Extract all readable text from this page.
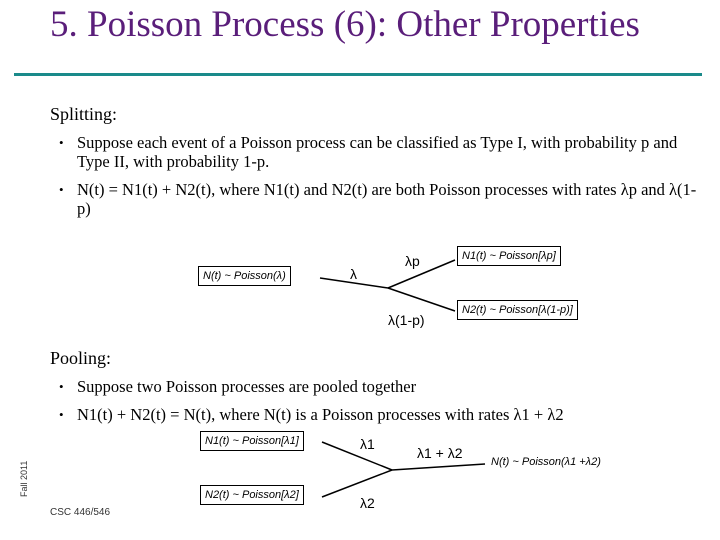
5. Poisson Process (6): Other Properties
Splitting:
• Suppose each event of a Poisson process can be classified as Type I, with probability p and Type II, with probability 1-p.
• N(t) = N1(t) + N2(t), where N1(t) and N2(t) are both Poisson processes with rates λp and λ(1-p)
N(t) ~ Poisson(λ)	λ
λp
λ(1-p)
N1(t) ~ Poisson[λp]
N2(t) ~ Poisson[λ(1-p)]
Pooling:
• Suppose two Poisson processes are pooled together
• N1(t) + N2(t) = N(t), where N(t) is a Poisson processes with rates λ1 + λ2
N1(t) ~ Poisson[λ1]
N2(t) ~ Poisson[λ2]
λ1
λ2
λ1 + λ2
N(t) ~ Poisson(λ1 +λ2)
Fall 2011
CSC 446/546
